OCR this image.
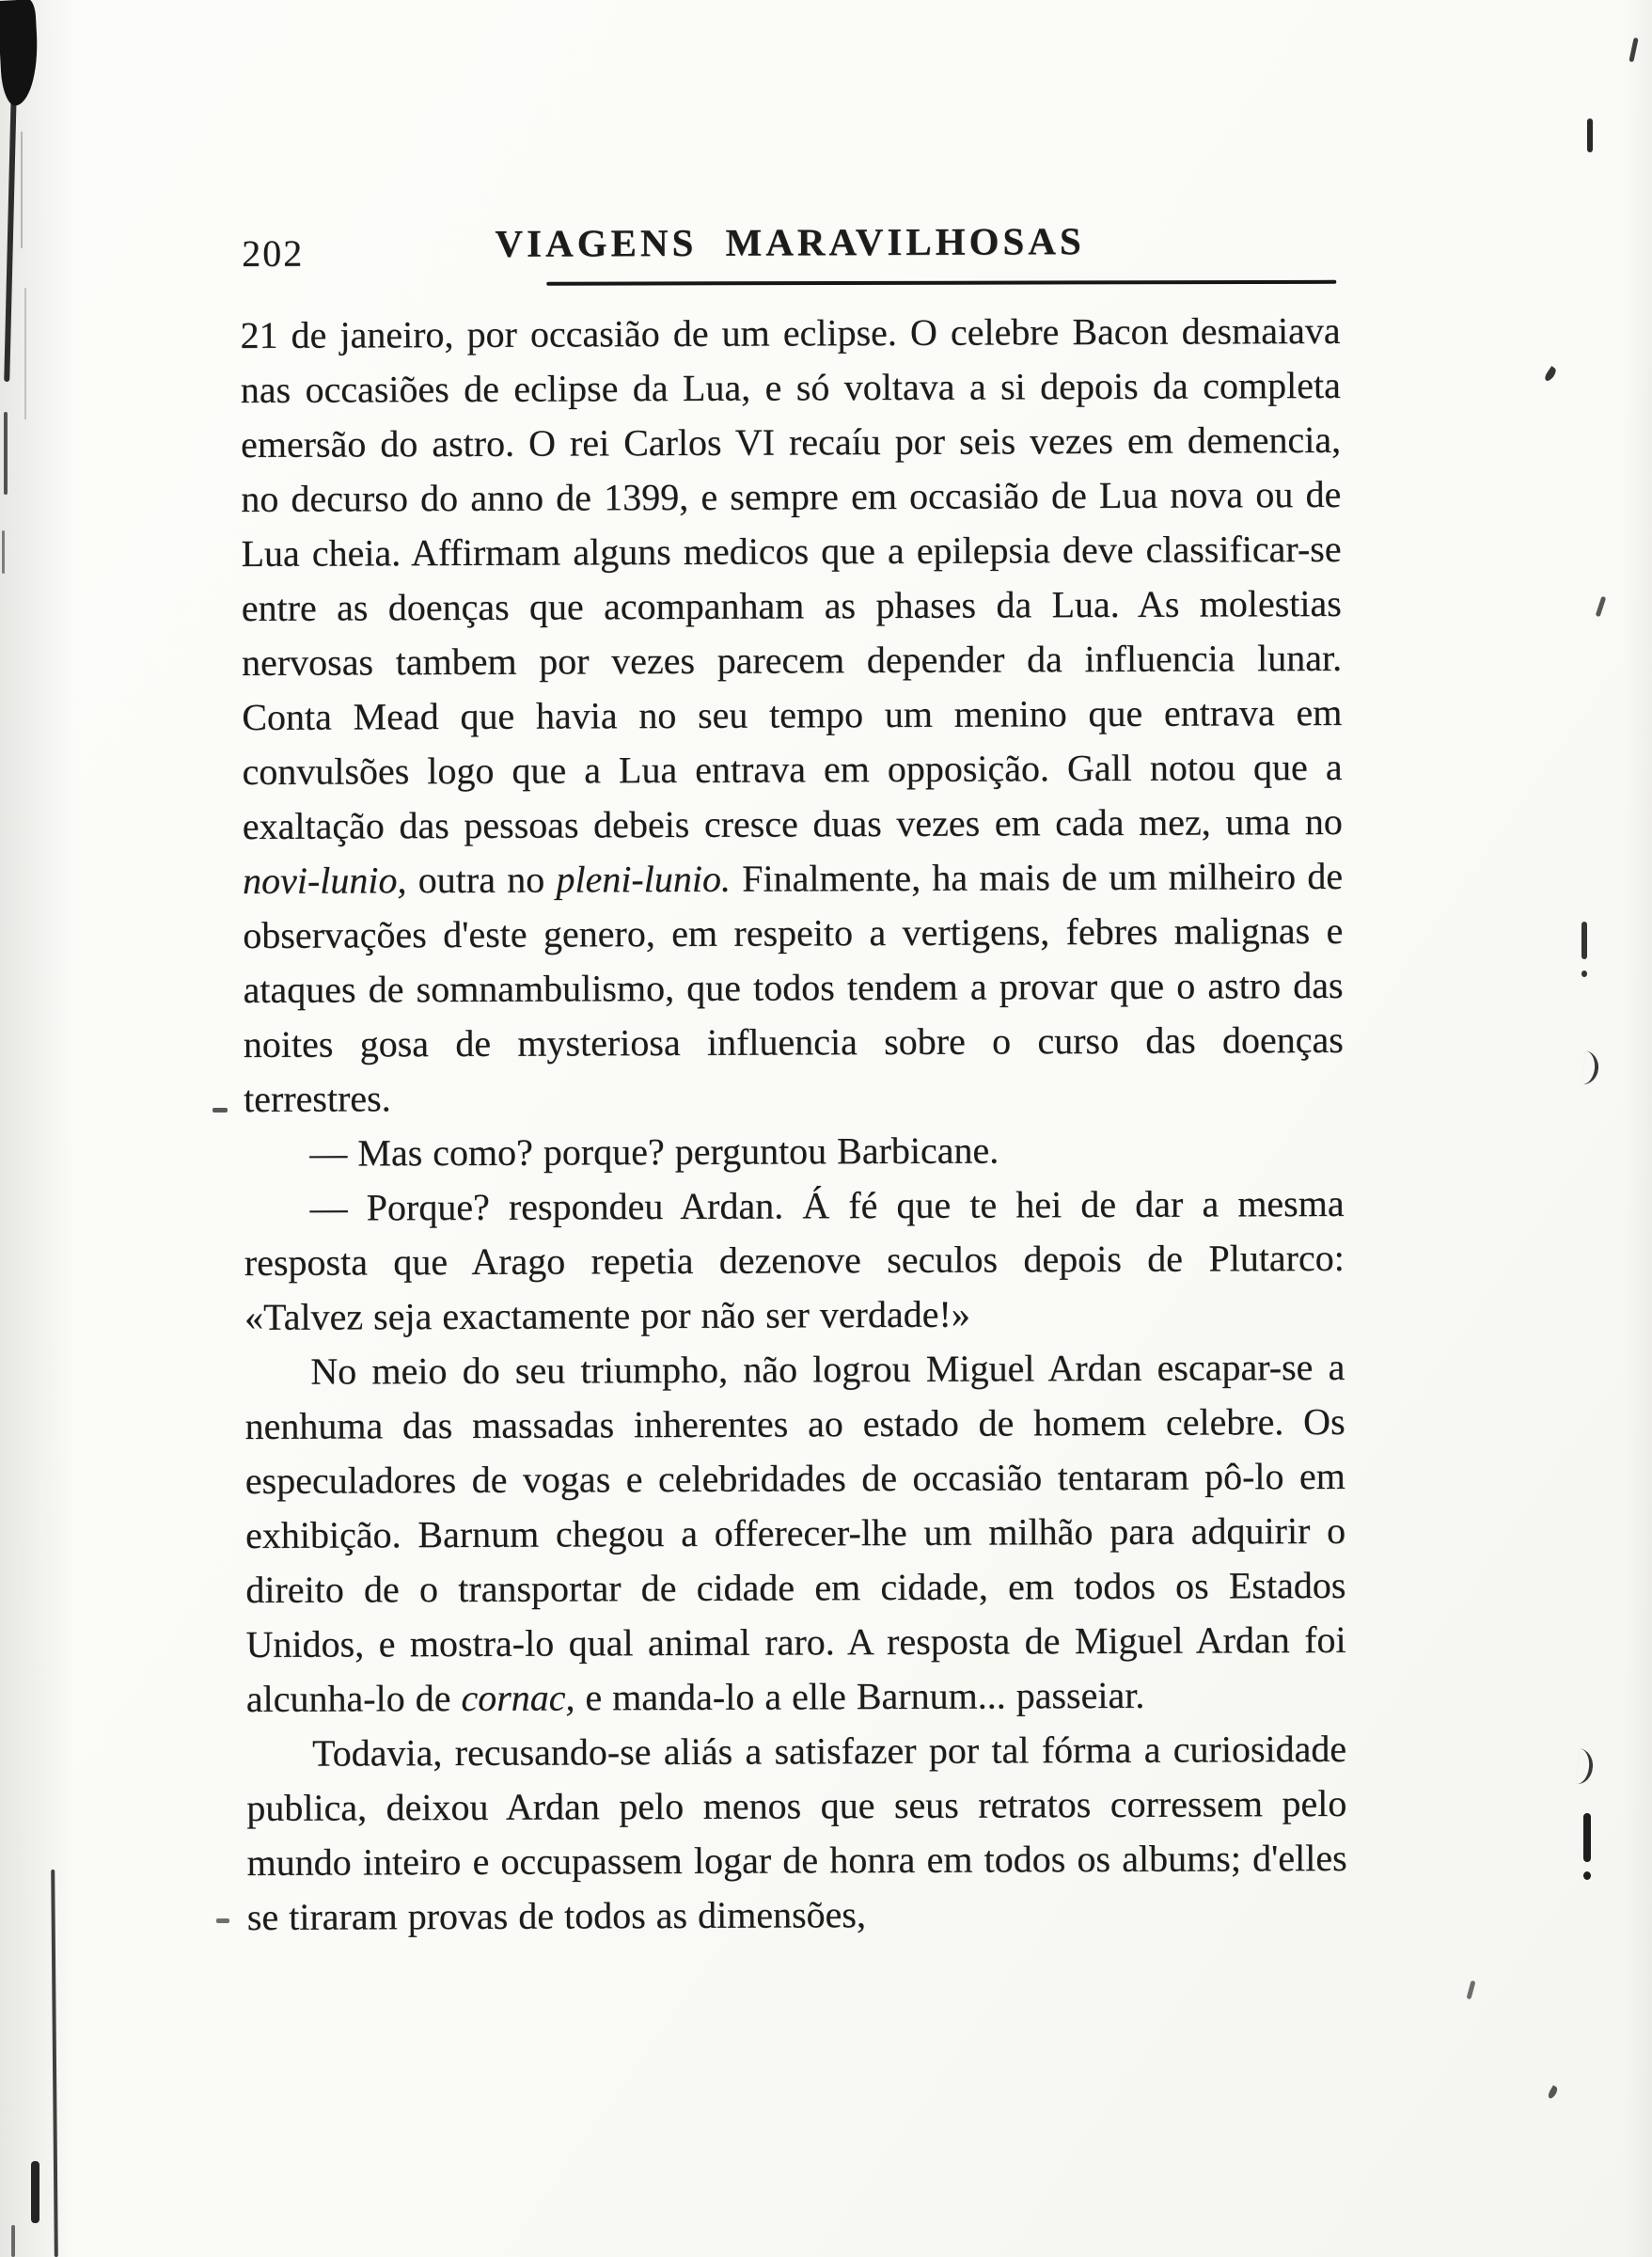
202	VIAGENS MARAVILHOSAS

21 de janeiro, por occasião de um eclipse. O celebre Bacon desmaiava nas occasiões de eclipse da Lua, e só voltava a si depois da completa emersão do astro. O rei Carlos VI recaíu por seis vezes em demencia, no decurso do anno de 1399, e sempre em occasião de Lua nova ou de Lua cheia. Affirmam alguns medicos que a epilepsia deve classificar-se entre as doenças que acompanham as phases da Lua. As molestias nervosas tambem por vezes parecem depender da influencia lunar. Conta Mead que havia no seu tempo um menino que entrava em convulsões logo que a Lua entrava em opposição. Gall notou que a exaltação das pessoas debeis cresce duas vezes em cada mez, uma no novi-lunio, outra no pleni-lunio. Finalmente, ha mais de um milheiro de observações d'este genero, em respeito a vertigens, febres malignas e ataques de somnambulismo, que todos tendem a provar que o astro das noites gosa de mysteriosa influencia sobre o curso das doenças terrestres.

— Mas como? porque? perguntou Barbicane.

— Porque? respondeu Ardan. Á fé que te hei de dar a mesma resposta que Arago repetia dezenove seculos depois de Plutarco: «Talvez seja exactamente por não ser verdade!»

No meio do seu triumpho, não logrou Miguel Ardan escapar-se a nenhuma das massadas inherentes ao estado de homem celebre. Os especuladores de vogas e celebridades de occasião tentaram pô-lo em exhibição. Barnum chegou a offerecer-lhe um milhão para adquirir o direito de o transportar de cidade em cidade, em todos os Estados Unidos, e mostra-lo qual animal raro. A resposta de Miguel Ardan foi alcunha-lo de cornac, e manda-lo a elle Barnum... passeiar.

Todavia, recusando-se aliás a satisfazer por tal fórma a curiosidade publica, deixou Ardan pelo menos que seus retratos corressem pelo mundo inteiro e occupassem logar de honra em todos os albums; d'elles se tiraram provas de todos as dimensões,
